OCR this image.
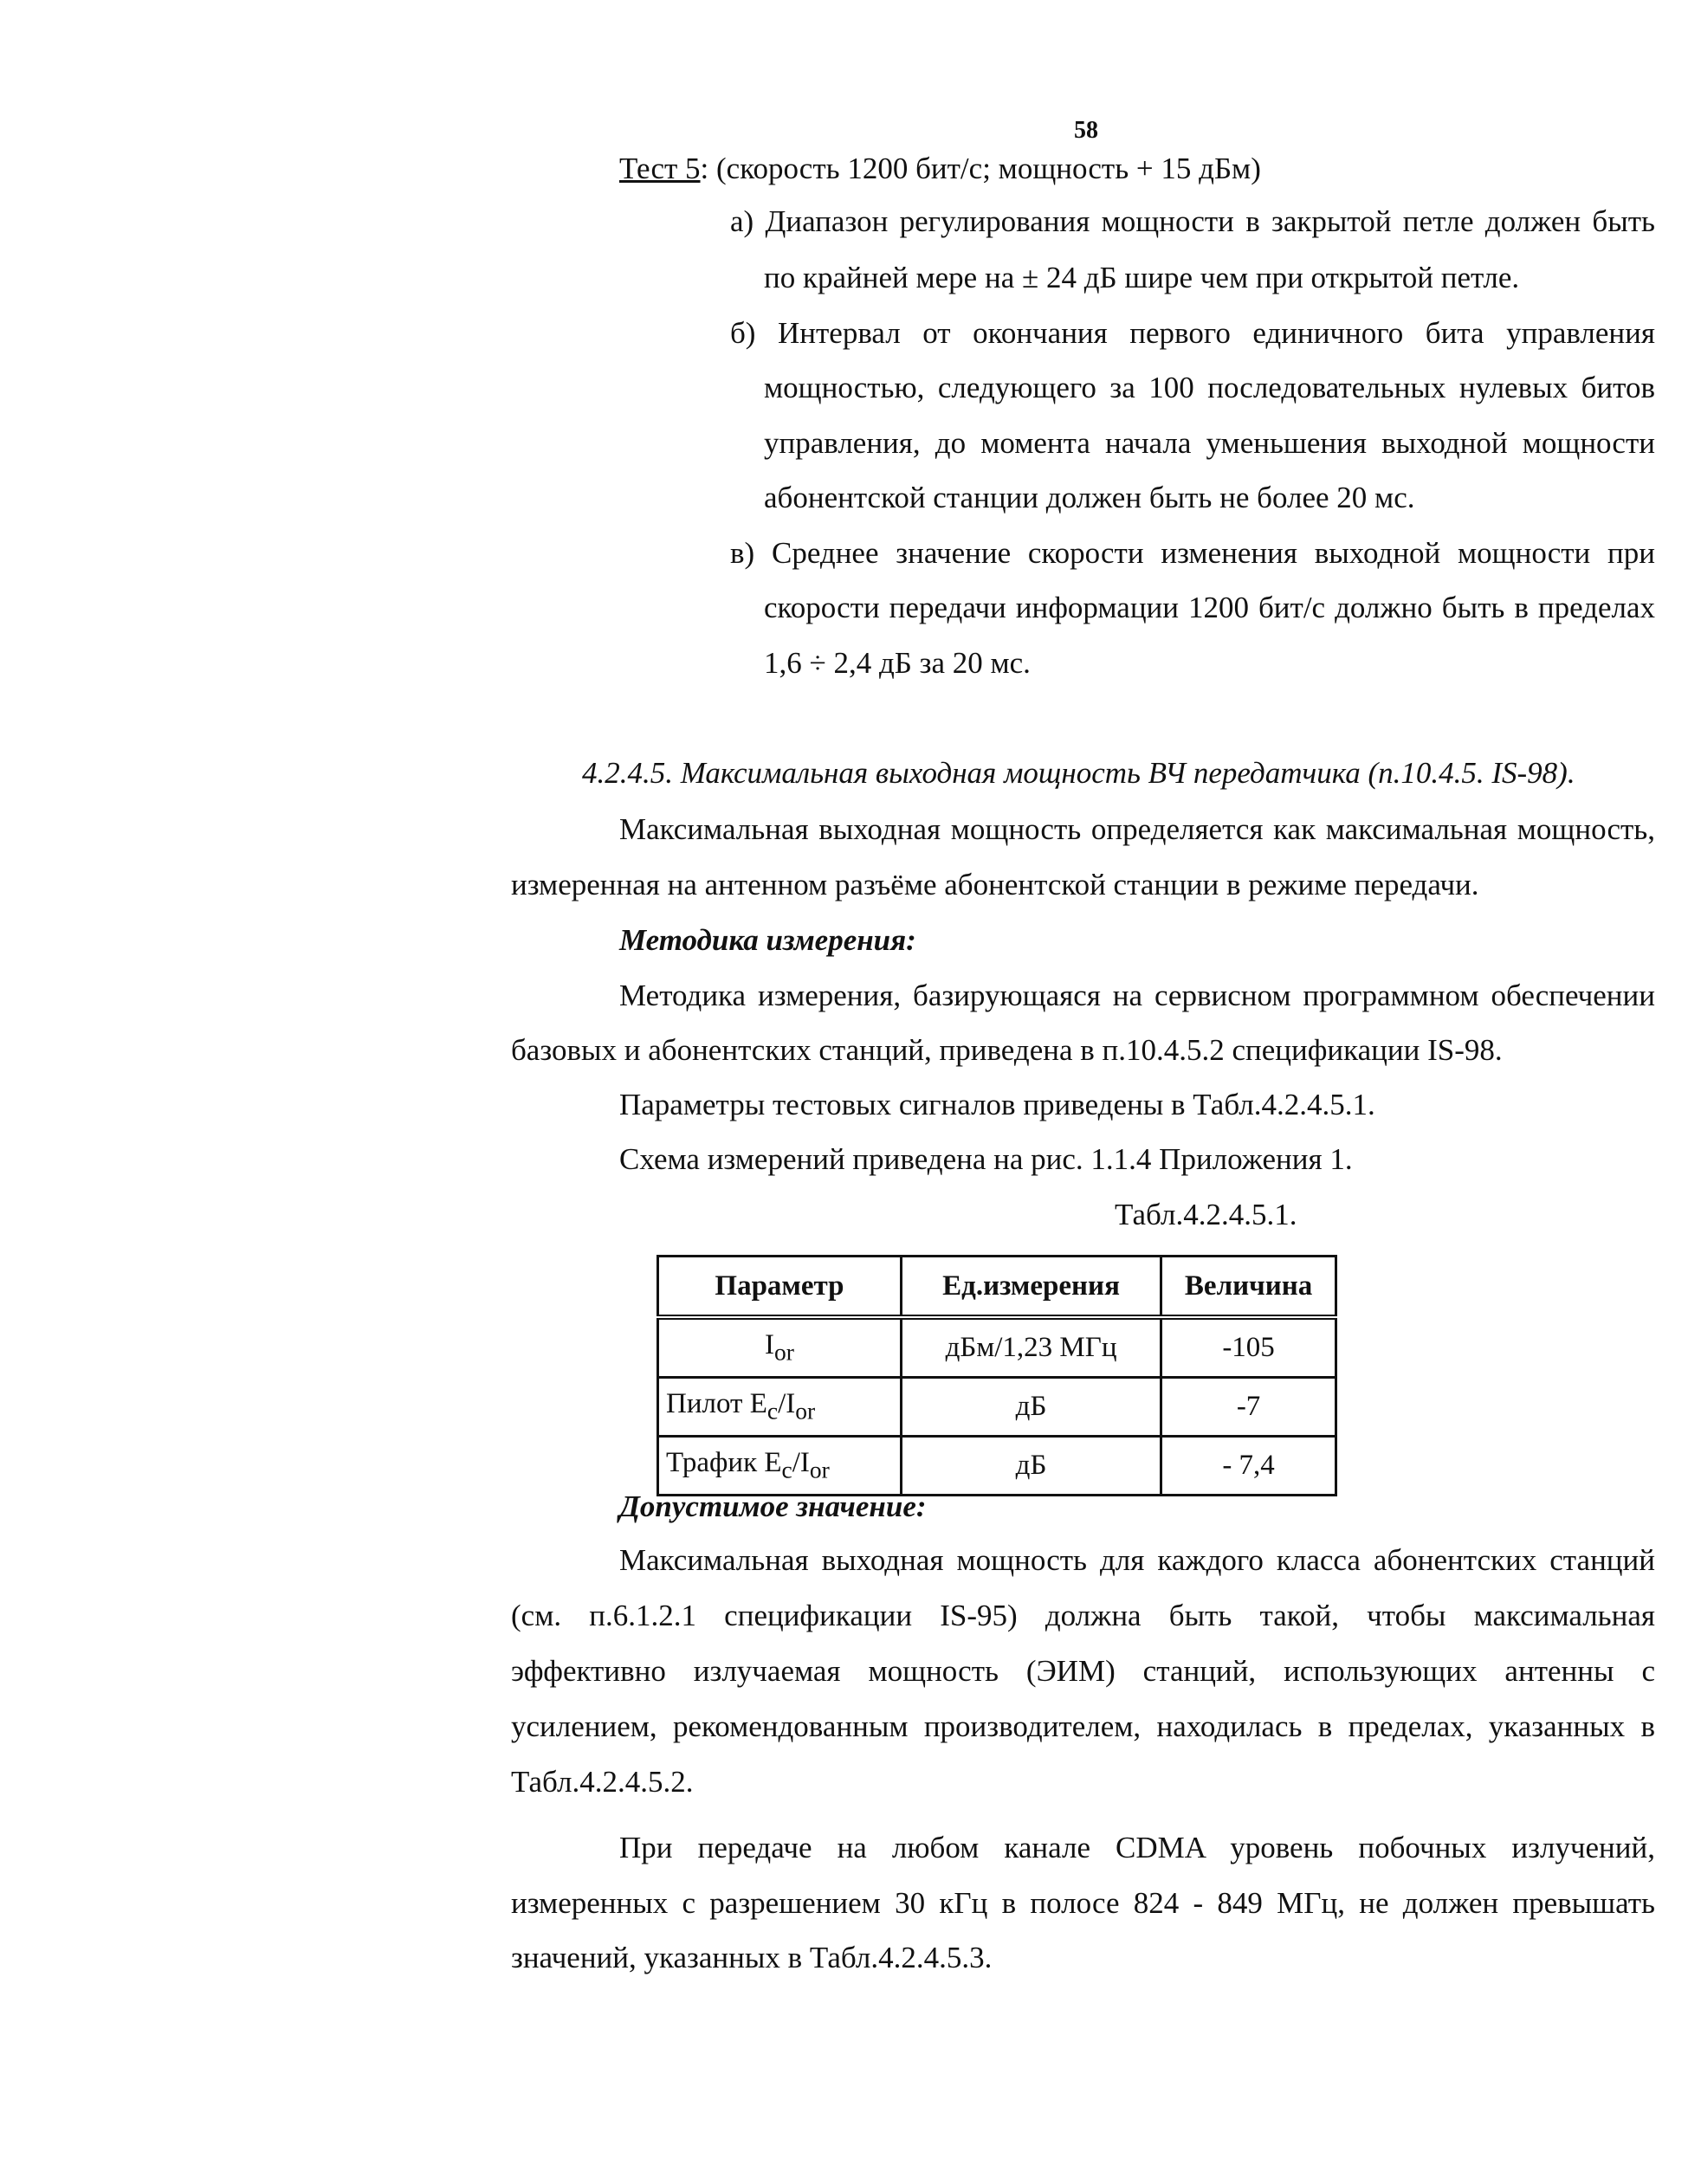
58
Тест 5: (скорость 1200 бит/с; мощность + 15 дБм)
а) Диапазон регулирования мощности в закрытой петле должен быть
по крайней мере на ± 24 дБ шире чем при открытой петле.
б) Интервал от окончания первого единичного бита управления
мощностью, следующего за 100 последовательных нулевых битов
управления, до момента начала уменьшения выходной мощности
абонентской станции должен быть не более 20 мс.
в) Среднее значение скорости изменения выходной мощности при
скорости передачи информации 1200 бит/с должно быть в пределах
1,6 ÷ 2,4 дБ за 20 мс.
4.2.4.5. Максимальная выходная мощность ВЧ передатчика (п.10.4.5. IS-98).
Максимальная выходная мощность определяется как максимальная мощность,
измеренная на антенном разъёме абонентской станции в режиме передачи.
Методика измерения:
Методика измерения, базирующаяся на сервисном программном обеспечении
базовых и абонентских станций, приведена в п.10.4.5.2 спецификации IS-98.
Параметры тестовых сигналов приведены в Табл.4.2.4.5.1.
Схема измерений приведена на рис. 1.1.4 Приложения 1.
Табл.4.2.4.5.1.
Параметр	Ед.измерения	Величина
$I_{or}$	дБм/1,23 МГц	-105
Пилот $E_c/I_{or}$	дБ	-7
Трафик $E_c/I_{or}$	дБ	- 7,4
Допустимое значение:
Максимальная выходная мощность для каждого класса абонентских станций
(см. п.6.1.2.1 спецификации IS-95) должна быть такой, чтобы максимальная
эффективно излучаемая мощность (ЭИМ) станций, использующих антенны с
усилением, рекомендованным производителем, находилась в пределах, указанных в
Табл.4.2.4.5.2.
При передаче на любом канале CDMA уровень побочных излучений,
измеренных с разрешением 30 кГц в полосе 824 - 849 МГц, не должен превышать
значений, указанных в Табл.4.2.4.5.3.
